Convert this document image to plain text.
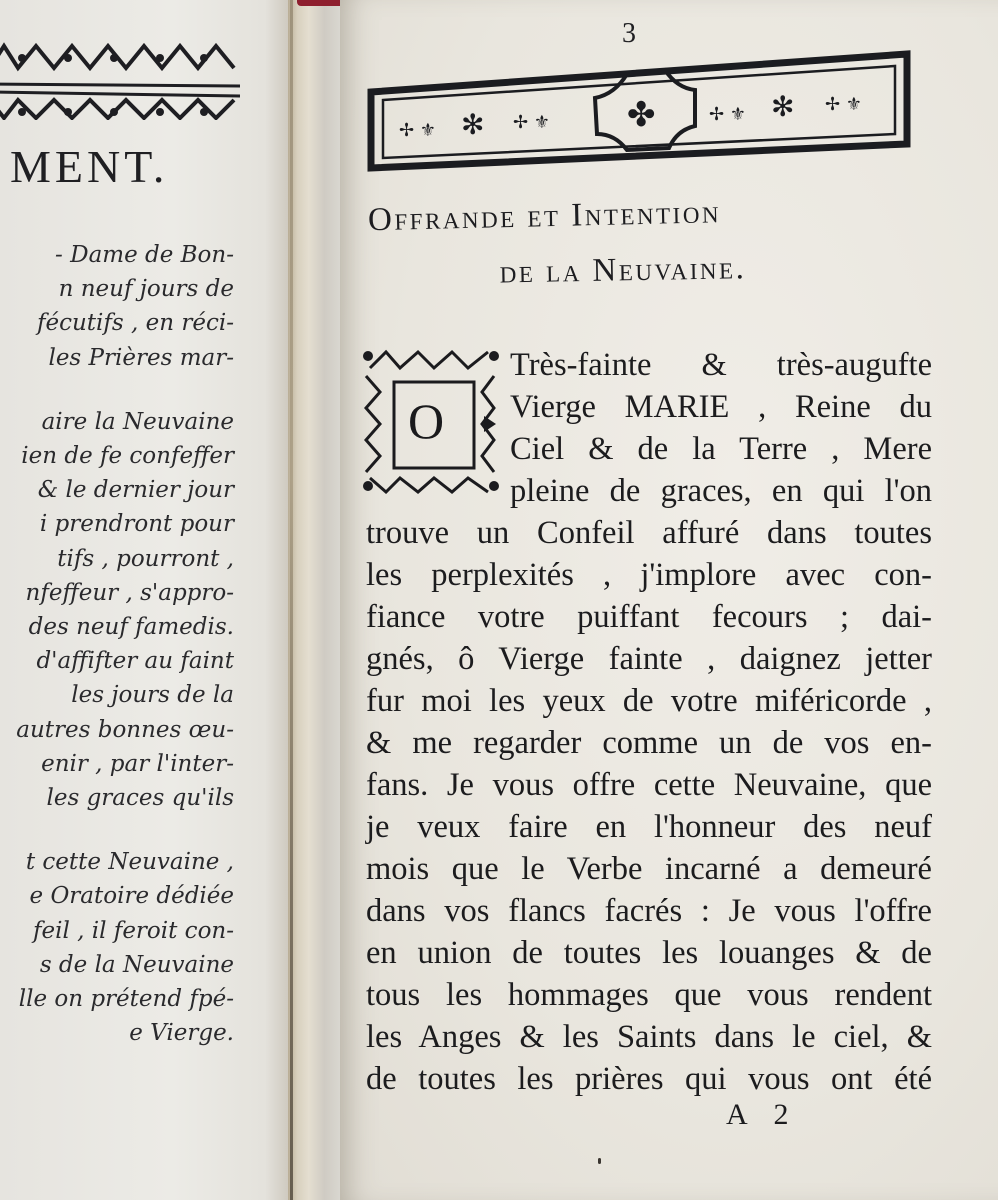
MENT.
- Dame de Bon-
n neuf jours de
fécutifs , en réci-
les Prières mar-
aire la Neuvaine
ien de fe confeffer
& le dernier jour
i prendront pour
tifs , pourront ,
nfeffeur , s'appro-
des neuf famedis.
d'affifter au faint
les jours de la
autres bonnes œu-
enir , par l'inter-
les graces qu'ils
t cette Neuvaine ,
e Oratoire dédiée
feil , il feroit con-
s de la Neuvaine
lle on prétend fpé-
e Vierge.
3
✢ ⚜ ✻ ✢ ⚜ ✤	✢ ⚜ ✻ ✢ ⚜
Offrande et Intention
de la Neuvaine.
O
Très-fainte & très-augufte
Vierge MARIE , Reine du
Ciel & de la Terre , Mere
pleine de graces, en qui l'on
trouve un Confeil affuré dans toutes
les perplexités , j'implore avec con-
fiance votre puiffant fecours ; dai-
gnés, ô Vierge fainte , daignez jetter
fur moi les yeux de votre miféricorde ,
& me regarder comme un de vos en-
fans. Je vous offre cette Neuvaine, que
je veux faire en l'honneur des neuf
mois que le Verbe incarné a demeuré
dans vos flancs facrés : Je vous l'offre
en union de toutes les louanges & de
tous les hommages que vous rendent
les Anges & les Saints dans le ciel, &
de toutes les prières qui vous ont été
A 2
